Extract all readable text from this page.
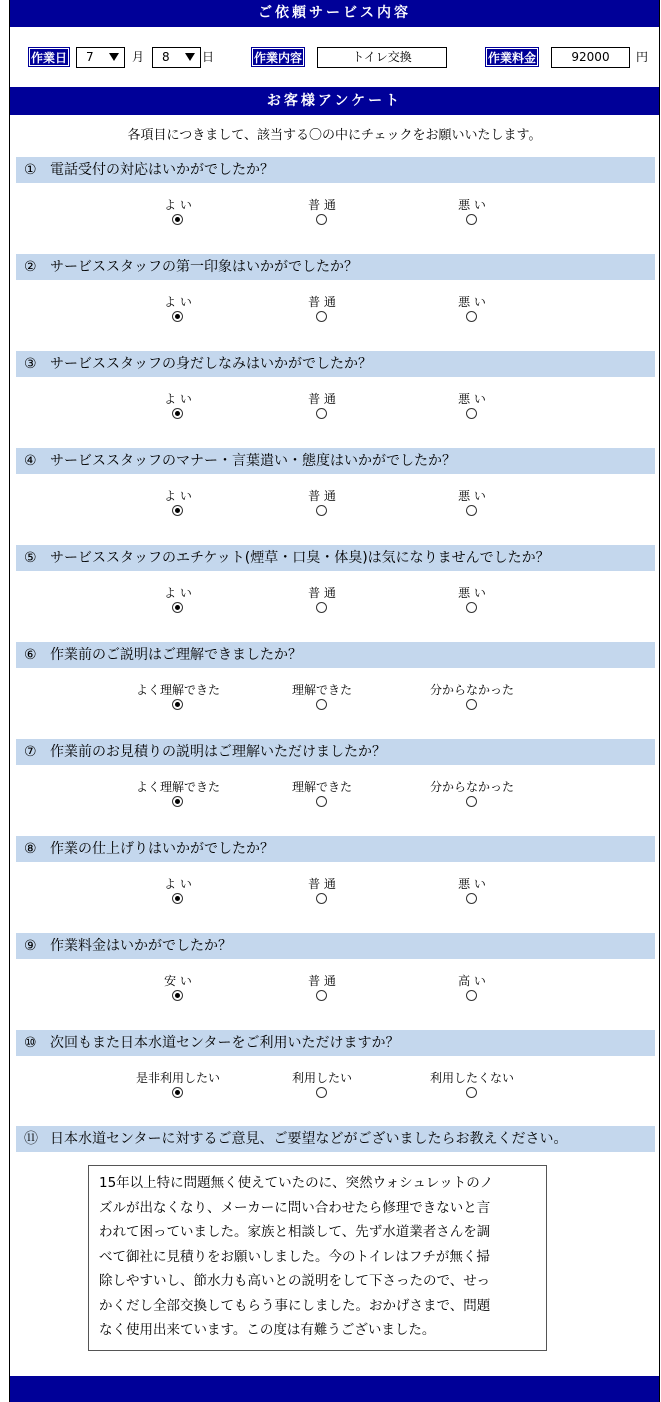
ご依頼サービス内容
作業日 7	月 8	日	作業内容	トイレ交換	作業料金	92000	円
お客様アンケート
各項目につきまして、該当する〇の中にチェックをお願いいたします。
① 電話受付の対応はいかがでしたか？
よ い	普 通	悪 い
② サービススタッフの第一印象はいかがでしたか？
よ い	普 通	悪 い
③ サービススタッフの身だしなみはいかがでしたか？
よ い	普 通	悪 い
④ サービススタッフのマナー・言葉遣い・態度はいかがでしたか？
よ い	普 通	悪 い
⑤ サービススタッフのエチケット(煙草・口臭・体臭)は気になりませんでしたか？
よ い	普 通	悪 い
⑥ 作業前のご説明はご理解できましたか？
よく理解できた	理解できた	分からなかった
⑦ 作業前のお見積りの説明はご理解いただけましたか？
よく理解できた	理解できた	分からなかった
⑧ 作業の仕上げりはいかがでしたか？
よ い	普 通	悪 い
⑨ 作業料金はいかがでしたか？
安 い	普 通	高 い
⑩ 次回もまた日本水道センターをご利用いただけますか？
是非利用したい	利用したい	利用したくない
⑪ 日本水道センターに対するご意見、ご要望などがございましたらお教えください。
15年以上特に問題無く使えていたのに、突然ウォシュレットのノ
ズルが出なくなり、メーカーに問い合わせたら修理できないと言
われて困っていました。家族と相談して、先ず水道業者さんを調
べて御社に見積りをお願いしました。今のトイレはフチが無く掃
除しやすいし、節水力も高いとの説明をして下さったので、せっ
かくだし全部交換してもらう事にしました。おかげさまで、問題
なく使用出来ています。この度は有難うございました。
